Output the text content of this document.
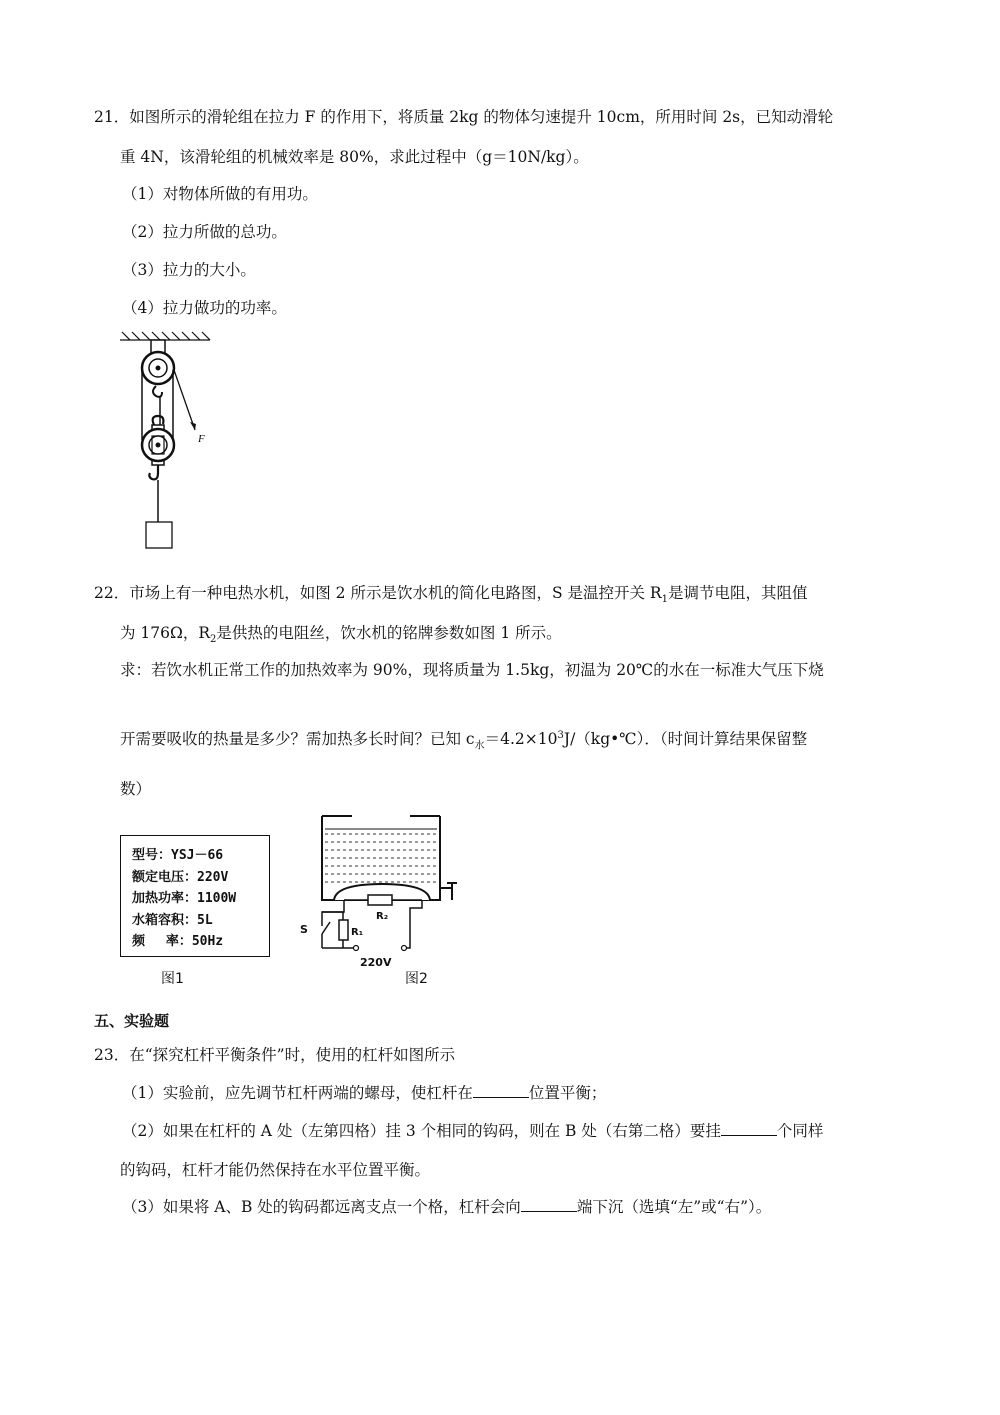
21．如图所示的滑轮组在拉力 F 的作用下，将质量 2kg 的物体匀速提升 10cm，所用时间 2s，已知动滑轮
重 4N，该滑轮组的机械效率是 80%，求此过程中（g＝10N/kg）。
（1）对物体所做的有用功。
（2）拉力所做的总功。
（3）拉力的大小。
（4）拉力做功的功率。
F
22．市场上有一种电热水机，如图 2 所示是饮水机的简化电路图，S 是温控开关 $R_1$是调节电阻，其阻值
为 176Ω，$R_2$是供热的电阻丝，饮水机的铭牌参数如图 1 所示。
求：若饮水机正常工作的加热效率为 90%，现将质量为 1.5kg，初温为 20℃的水在一标准大气压下烧
开需要吸收的热量是多少？需加热多长时间？已知 $c_水=4.2\times 10^3J/(kg•℃)$．（时间计算结果保留整
数）
型号：YSJ－66
额定电压：220V
加热功率：1100W
水箱容积：5L
频　 率：50Hz
图1
R₂
R₁
S
220V
图2
五、实验题
23．在“探究杠杆平衡条件”时，使用的杠杆如图所示
（1）实验前，应先调节杠杆两端的螺母，使杠杆在	位置平衡；
（2）如果在杠杆的 A 处（左第四格）挂 3 个相同的钩码，则在 B 处（右第二格）要挂	个同样
的钩码，杠杆才能仍然保持在水平位置平衡。
（3）如果将 A、B 处的钩码都远离支点一个格，杠杆会向	端下沉（选填“左”或“右”）。
